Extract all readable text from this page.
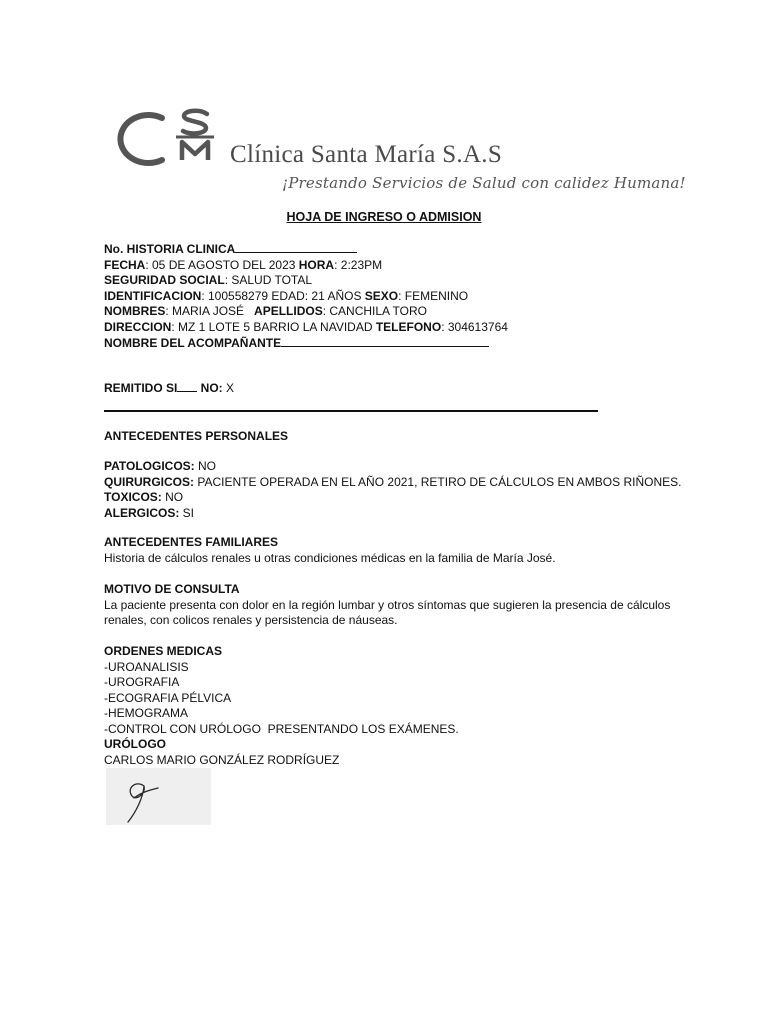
Clínica Santa María S.A.S
¡Prestando Servicios de Salud con calidez Humana!
HOJA DE INGRESO O ADMISION

No. HISTORIA CLINICA

FECHA: 05 DE AGOSTO DEL 2023 HORA: 2:23PM

SEGURIDAD SOCIAL: SALUD TOTAL

IDENTIFICACION: 100558279 EDAD: 21 AÑOS SEXO: FEMENINO

NOMBRES: MARIA JOSÉ   APELLIDOS: CANCHILA TORO

DIRECCION: MZ 1 LOTE 5 BARRIO LA NAVIDAD TELEFONO: 304613764

NOMBRE DEL ACOMPAÑANTE

REMITIDO SI NO: X

ANTECEDENTES PERSONALES

PATOLOGICOS: NO

QUIRURGICOS: PACIENTE OPERADA EN EL AÑO 2021, RETIRO DE CÁLCULOS EN AMBOS RIÑONES.

TOXICOS: NO

ALERGICOS: SI

ANTECEDENTES FAMILIARES

Historia de cálculos renales u otras condiciones médicas en la familia de María José.

MOTIVO DE CONSULTA

La paciente presenta con dolor en la región lumbar y otros síntomas que sugieren la presencia de cálculos

renales, con colicos renales y persistencia de náuseas.

ORDENES MEDICAS

-UROANALISIS

-UROGRAFIA

-ECOGRAFIA PÉLVICA

-HEMOGRAMA

-CONTROL CON URÓLOGO  PRESENTANDO LOS EXÁMENES.

URÓLOGO

CARLOS MARIO GONZÁLEZ RODRÍGUEZ
